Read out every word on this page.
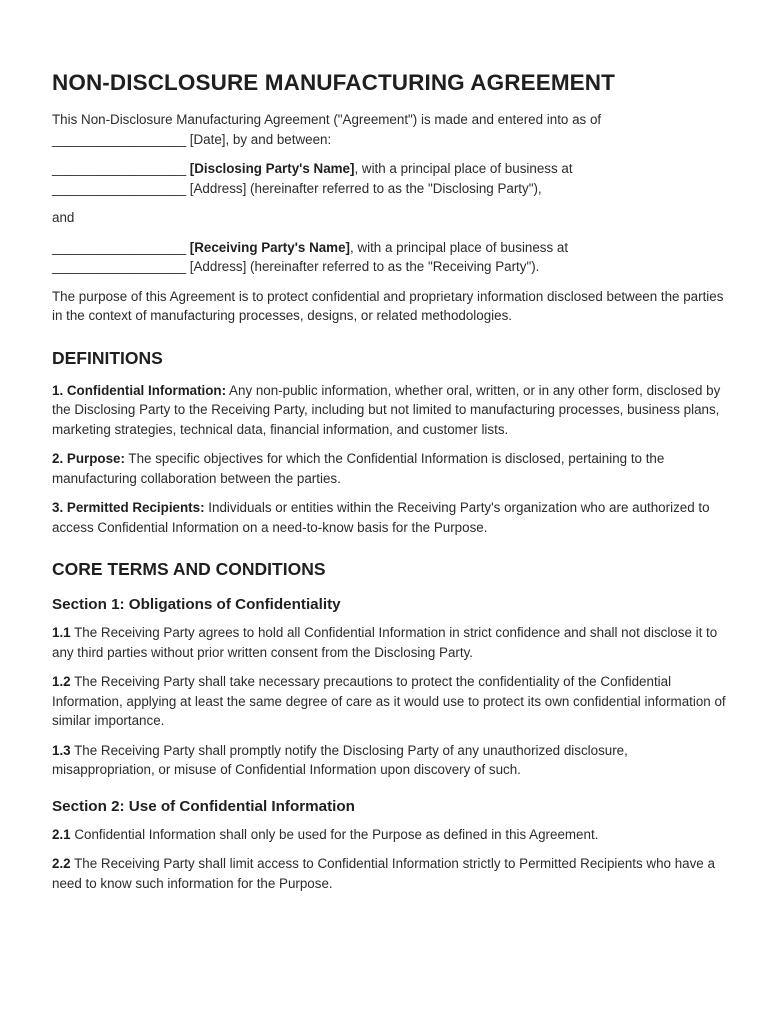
NON-DISCLOSURE MANUFACTURING AGREEMENT

This Non-Disclosure Manufacturing Agreement ("Agreement") is made and entered into as of
__________________ [Date], by and between:

__________________ [Disclosing Party's Name], with a principal place of business at
__________________ [Address] (hereinafter referred to as the "Disclosing Party"),

and

__________________ [Receiving Party's Name], with a principal place of business at
__________________ [Address] (hereinafter referred to as the "Receiving Party").

The purpose of this Agreement is to protect confidential and proprietary information disclosed between the parties in the context of manufacturing processes, designs, or related methodologies.

DEFINITIONS

1. Confidential Information: Any non-public information, whether oral, written, or in any other form, disclosed by the Disclosing Party to the Receiving Party, including but not limited to manufacturing processes, business plans, marketing strategies, technical data, financial information, and customer lists.

2. Purpose: The specific objectives for which the Confidential Information is disclosed, pertaining to the manufacturing collaboration between the parties.

3. Permitted Recipients: Individuals or entities within the Receiving Party's organization who are authorized to access Confidential Information on a need-to-know basis for the Purpose.

CORE TERMS AND CONDITIONS
Section 1: Obligations of Confidentiality

1.1 The Receiving Party agrees to hold all Confidential Information in strict confidence and shall not disclose it to any third parties without prior written consent from the Disclosing Party.

1.2 The Receiving Party shall take necessary precautions to protect the confidentiality of the Confidential Information, applying at least the same degree of care as it would use to protect its own confidential information of similar importance.

1.3 The Receiving Party shall promptly notify the Disclosing Party of any unauthorized disclosure, misappropriation, or misuse of Confidential Information upon discovery of such.

Section 2: Use of Confidential Information

2.1 Confidential Information shall only be used for the Purpose as defined in this Agreement.

2.2 The Receiving Party shall limit access to Confidential Information strictly to Permitted Recipients who have a need to know such information for the Purpose.
